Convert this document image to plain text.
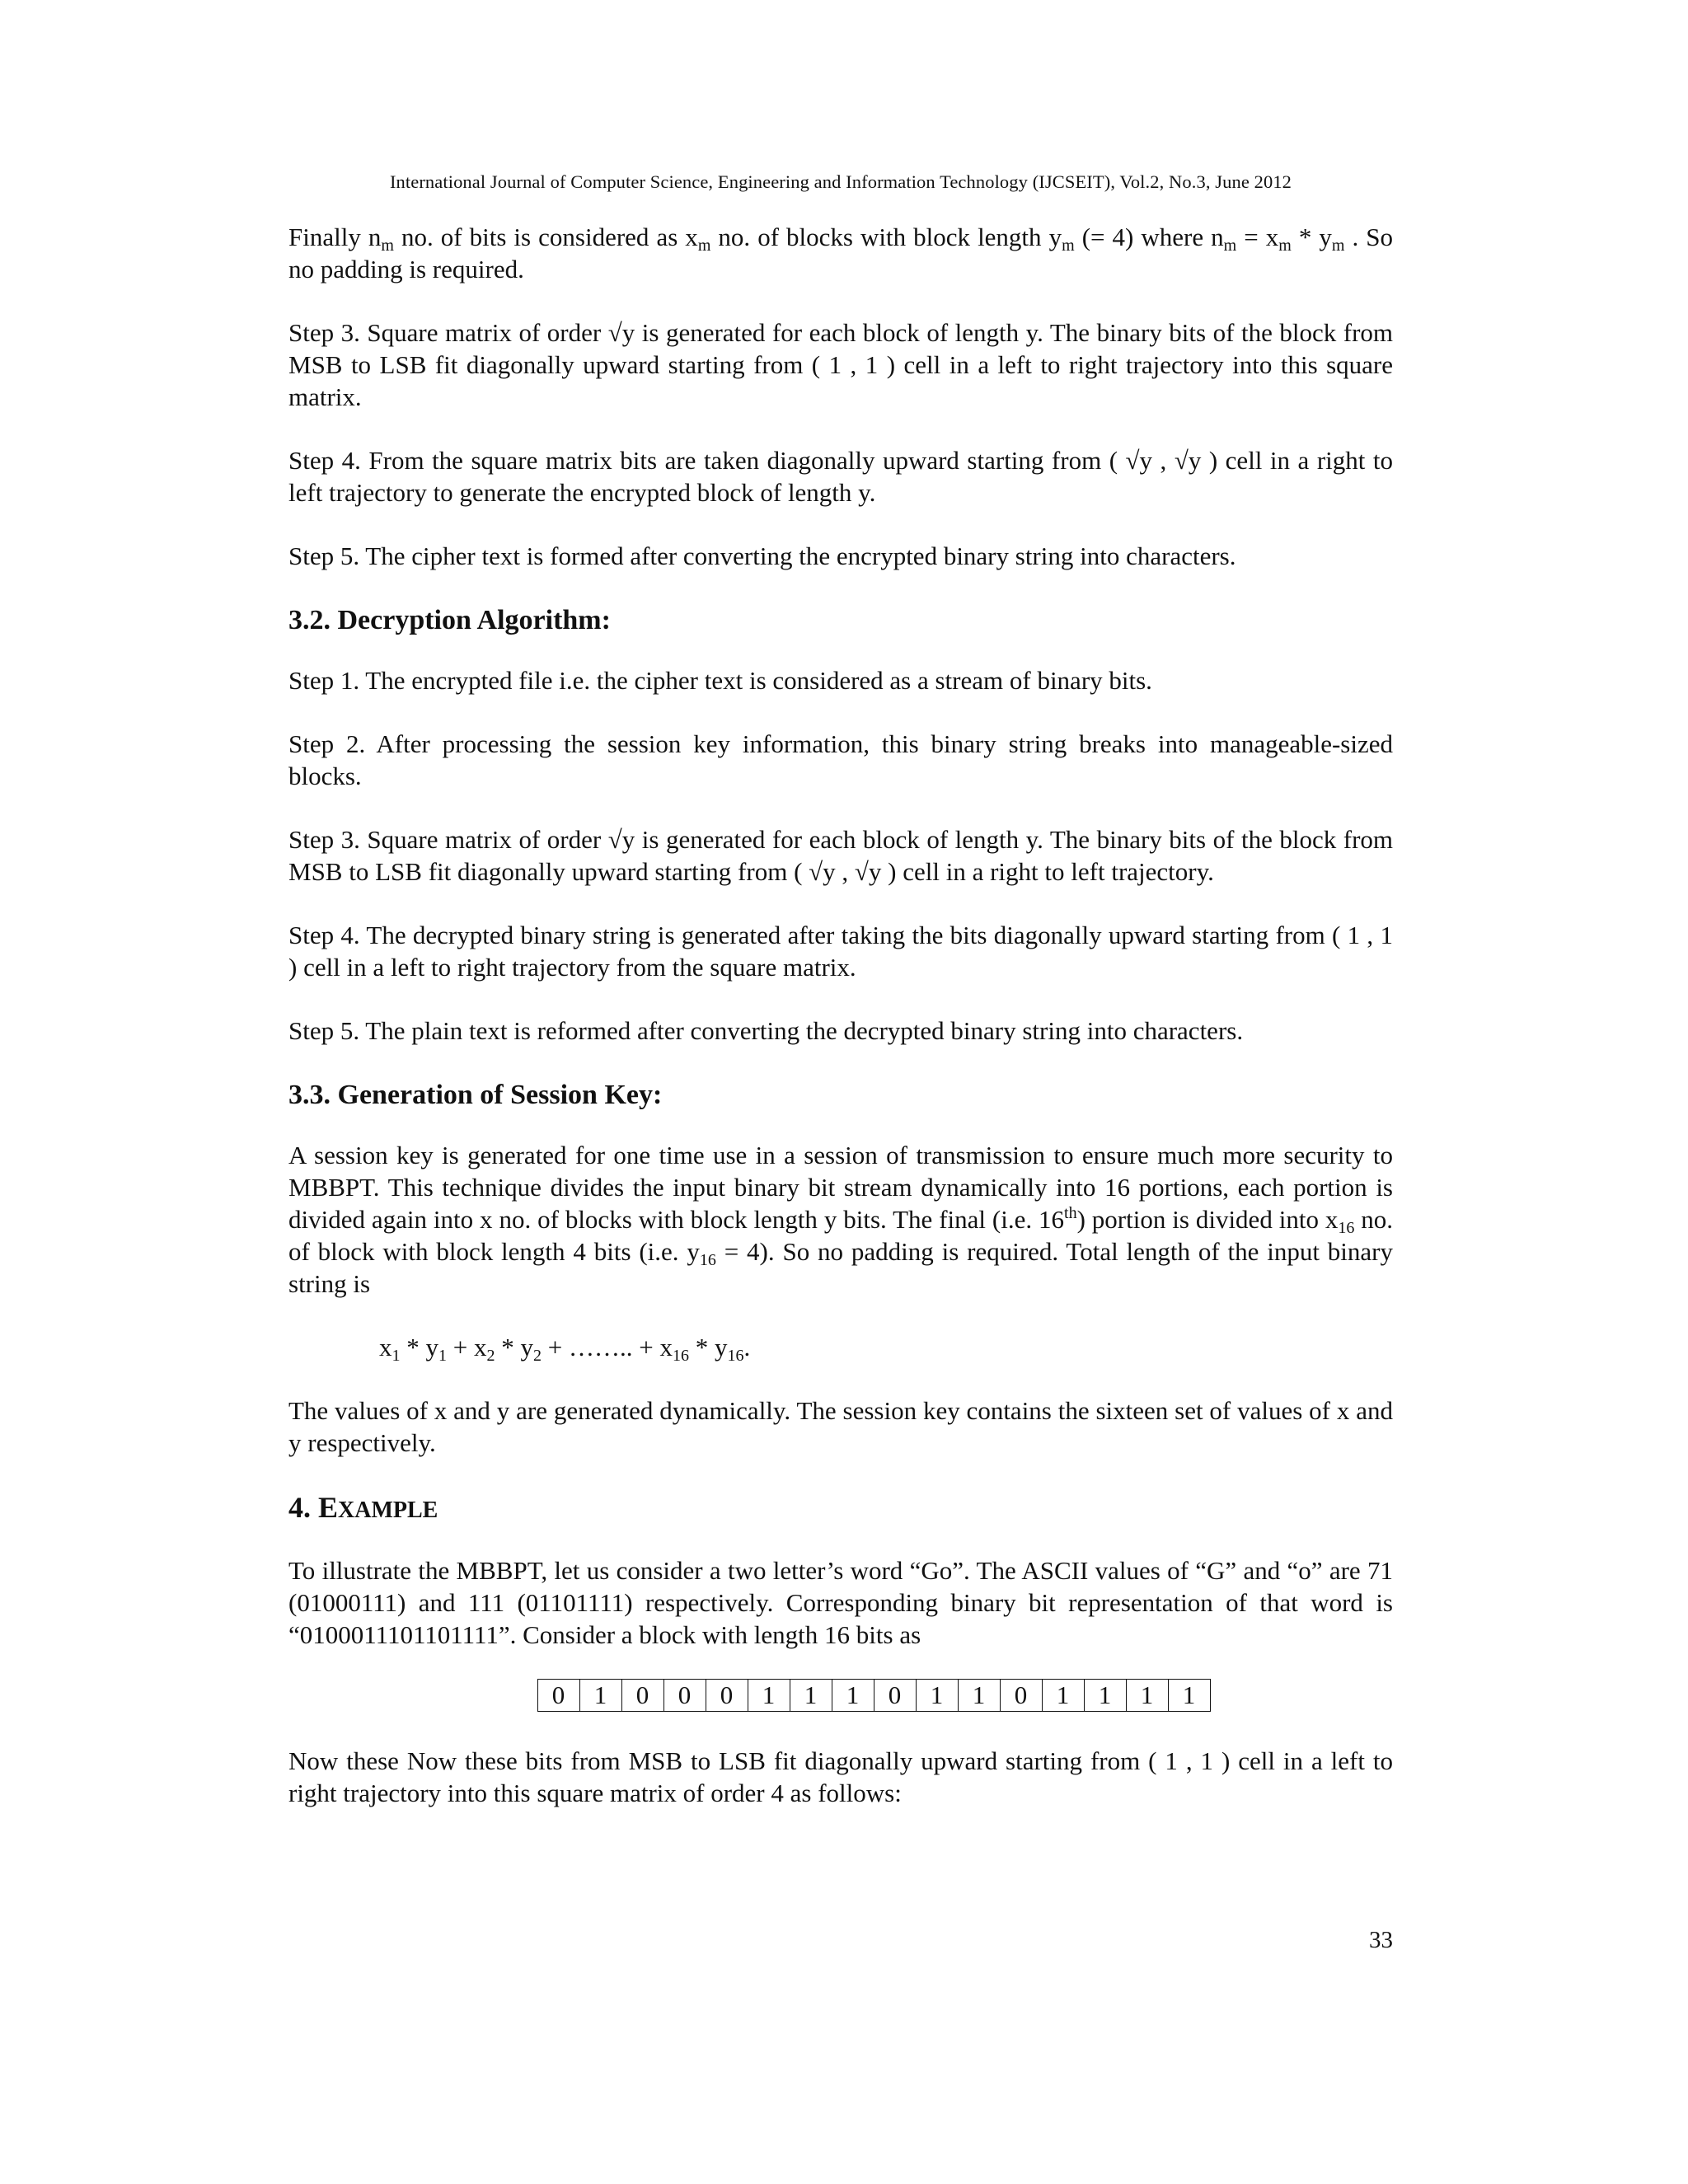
International Journal of Computer Science, Engineering and Information Technology (IJCSEIT), Vol.2, No.3, June 2012

Finally $n_m$ no. of bits is considered as $x_m$ no. of blocks with block length $y_m$ (= 4) where $n_m = x_m * y_m$ . So no padding is required.

Step 3. Square matrix of order √y is generated for each block of length y. The binary bits of the block from MSB to LSB fit diagonally upward starting from ( 1 , 1 ) cell in a left to right trajectory into this square matrix.

Step 4. From the square matrix bits are taken diagonally upward starting from ( √y , √y ) cell in a right to left trajectory to generate the encrypted block of length y.

Step 5. The cipher text is formed after converting the encrypted binary string into characters.

3.2. Decryption Algorithm:

Step 1. The encrypted file i.e. the cipher text is considered as a stream of binary bits.

Step 2. After processing the session key information, this binary string breaks into manageable-sized blocks.

Step 3. Square matrix of order √y is generated for each block of length y. The binary bits of the block from MSB to LSB fit diagonally upward starting from ( √y , √y ) cell in a right to left trajectory.

Step 4. The decrypted binary string is generated after taking the bits diagonally upward starting from ( 1 , 1 ) cell in a left to right trajectory from the square matrix.

Step 5. The plain text is reformed after converting the decrypted binary string into characters.

3.3. Generation of Session Key:

A session key is generated for one time use in a session of transmission to ensure much more security to MBBPT. This technique divides the input binary bit stream dynamically into 16 portions, each portion is divided again into x no. of blocks with block length y bits. The final (i.e. 16th) portion is divided into $x_{16}$ no. of block with block length 4 bits (i.e. $y_{16} = 4$). So no padding is required. Total length of the input binary string is

$x_1 * y_1 + x_2 * y_2$ + …….. + $x_{16} * y_{16}$.

The values of x and y are generated dynamically. The session key contains the sixteen set of values of x and y respectively.

4. EXAMPLE

To illustrate the MBBPT, let us consider a two letter’s word “Go”. The ASCII values of “G” and “o” are 71 (01000111) and 111 (01101111) respectively. Corresponding binary bit representation of that word is “0100011101101111”. Consider a block with length 16 bits as

0	1	0	0	0	1	1	1	0	1	1	0	1	1	1	1

Now these Now these bits from MSB to LSB fit diagonally upward starting from ( 1 , 1 ) cell in a left to right trajectory into this square matrix of order 4 as follows:

33
